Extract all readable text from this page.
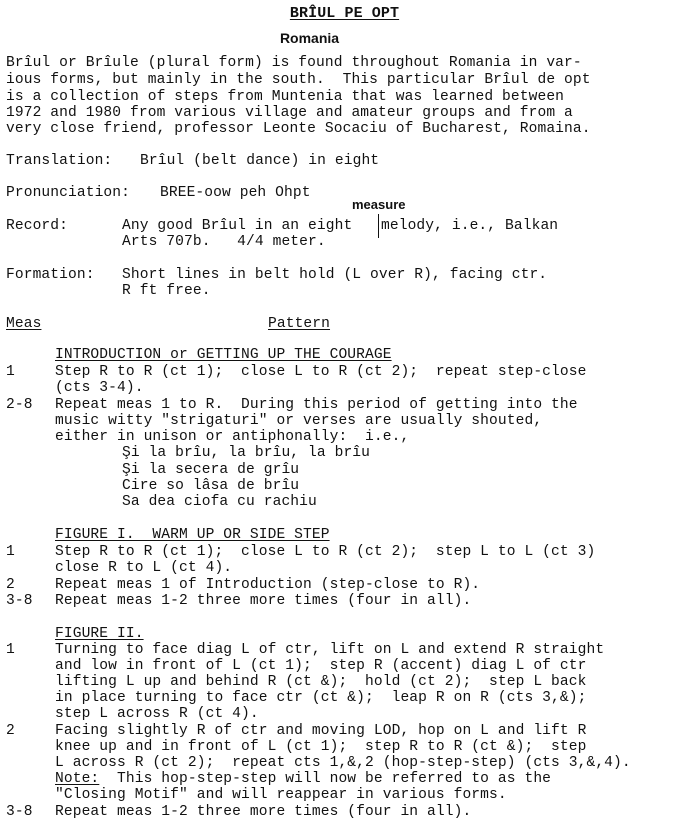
BRÎUL PE OPT
Romania
Brîul or Brîule (plural form) is found throughout Romania in var-
ious forms, but mainly in the south.  This particular Brîul de opt
is a collection of steps from Muntenia that was learned between
1972 and 1980 from various village and amateur groups and from a
very close friend, professor Leonte Socaciu of Bucharest, Romaina.
Translation: Brîul (belt dance) in eight
Pronunciation: BREE-oow peh Ohpt
measure
Record:	Any good Brîul in an eight melody, i.e., Balkan
Arts 707b.   4/4 meter.
Formation: Short lines in belt hold (L over R), facing ctr.
R ft free.
Meas	Pattern
INTRODUCTION or GETTING UP THE COURAGE
1	Step R to R (ct 1);  close L to R (ct 2);  repeat step-close
(cts 3-4).
2-8 Repeat meas 1 to R.  During this period of getting into the
music witty "strigaturi" or verses are usually shouted,
either in unison or antiphonally:  i.e.,
Şi la brîu, la brîu, la brîu
Şi la secera de grîu
Cire so lâsa de brîu
Sa dea ciofa cu rachiu
FIGURE I.  WARM UP OR SIDE STEP
1	Step R to R (ct 1);  close L to R (ct 2);  step L to L (ct 3)
close R to L (ct 4).
2	Repeat meas 1 of Introduction (step-close to R).
3-8 Repeat meas 1-2 three more times (four in all).
FIGURE II.
1	Turning to face diag L of ctr, lift on L and extend R straight
and low in front of L (ct 1);  step R (accent) diag L of ctr
lifting L up and behind R (ct &);  hold (ct 2);  step L back
in place turning to face ctr (ct &);  leap R on R (cts 3,&);
step L across R (ct 4).
2	Facing slightly R of ctr and moving LOD, hop on L and lift R
knee up and in front of L (ct 1);  step R to R (ct &);  step
L across R (ct 2);  repeat cts 1,&,2 (hop-step-step) (cts 3,&,4).
Note:  This hop-step-step will now be referred to as the
"Closing Motif" and will reappear in various forms.
3-8 Repeat meas 1-2 three more times (four in all).
